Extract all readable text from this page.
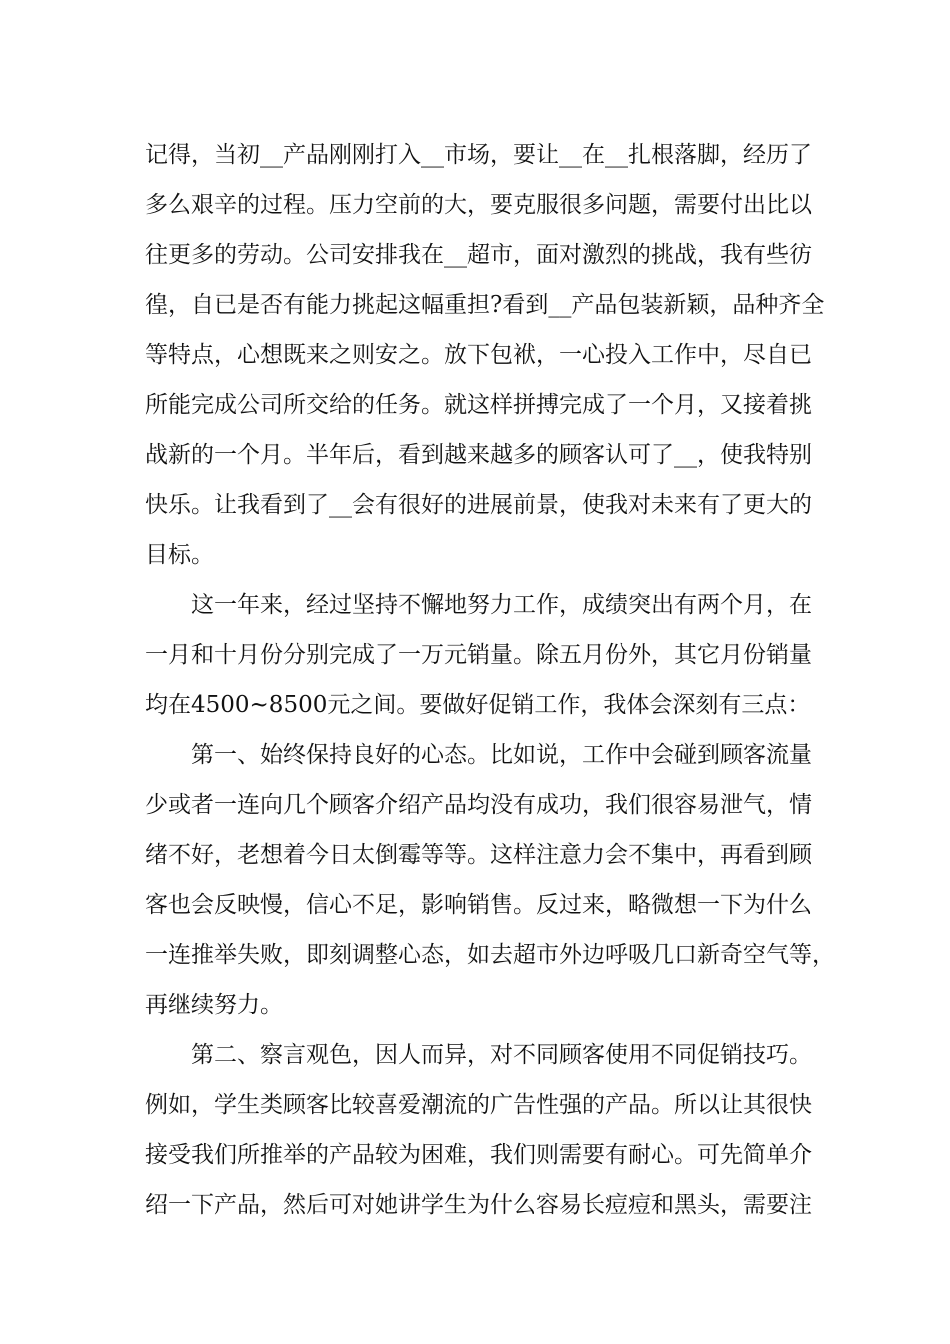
记得，当初__产品刚刚打入__市场，要让__在__扎根落脚，经历了
多么艰辛的过程。压力空前的大，要克服很多问题，需要付出比以
往更多的劳动。公司安排我在__超市，面对激烈的挑战，我有些彷
徨，自已是否有能力挑起这幅重担?看到__产品包装新颖，品种齐全
等特点，心想既来之则安之。放下包袱，一心投入工作中，尽自已
所能完成公司所交给的任务。就这样拼搏完成了一个月，又接着挑
战新的一个月。半年后，看到越来越多的顾客认可了__，使我特别
快乐。让我看到了__会有很好的进展前景，使我对未来有了更大的
目标。
　　这一年来，经过坚持不懈地努力工作，成绩突出有两个月，在
一月和十月份分别完成了一万元销量。除五月份外，其它月份销量
均在4500~8500元之间。要做好促销工作，我体会深刻有三点：
　　第一、始终保持良好的心态。比如说，工作中会碰到顾客流量
少或者一连向几个顾客介绍产品均没有成功，我们很容易泄气，情
绪不好，老想着今日太倒霉等等。这样注意力会不集中，再看到顾
客也会反映慢，信心不足，影响销售。反过来，略微想一下为什么
一连推举失败，即刻调整心态，如去超市外边呼吸几口新奇空气等，
再继续努力。
　　第二、察言观色，因人而异，对不同顾客使用不同促销技巧。
例如，学生类顾客比较喜爱潮流的广告性强的产品。所以让其很快
接受我们所推举的产品较为困难，我们则需要有耐心。可先简单介
绍一下产品，然后可对她讲学生为什么容易长痘痘和黑头，需要注
